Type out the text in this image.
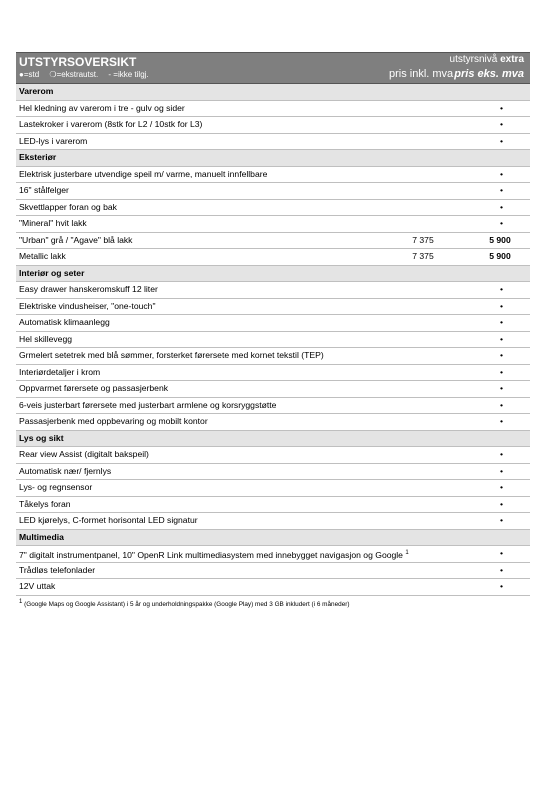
UTSTYRSOVERSIKT
●=std ❍=ekstrautst. - =ikke tilgj.
utstyrsnivå extra
pris inkl. mva pris eks. mva
Varerom
Hel kledning av varerom i tre - gulv og sider	•
Lastekroker i varerom (8stk for L2 / 10stk for L3)	•
LED-lys i varerom	•
Eksteriør
Elektrisk justerbare utvendige speil m/ varme, manuelt innfellbare	•
16" stålfelger	•
Skvettlapper foran og bak	•
"Mineral" hvit lakk	•
"Urban" grå / "Agave" blå lakk	7 375	5 900
Metallic lakk	7 375	5 900
Interiør og seter
Easy drawer hanskeromskuff 12 liter	•
Elektriske vindusheiser, "one-touch"	•
Automatisk klimaanlegg	•
Hel skillevegg	•
Grmelert setetrek med blå sømmer, forsterket førersete med kornet tekstil (TEP)	•
Interiørdetaljer i krom	•
Oppvarmet førersete og passasjerbenk	•
6-veis justerbart førersete med justerbart armlene og korsryggstøtte	•
Passasjerbenk med oppbevaring og mobilt kontor	•
Lys og sikt
Rear view Assist (digitalt bakspeil)	•
Automatisk nær/ fjernlys	•
Lys- og regnsensor	•
Tåkelys foran	•
LED kjørelys, C-formet horisontal LED signatur	•
Multimedia
7" digitalt instrumentpanel, 10" OpenR Link multimediasystem med innebygget navigasjon og Google $^1$	•
Trådløs telefonlader	•
12V uttak	•
$^1$ (Google Maps og Google Assistant) i 5 år og underholdningspakke (Google Play) med 3 GB inkludert (i 6 måneder)
